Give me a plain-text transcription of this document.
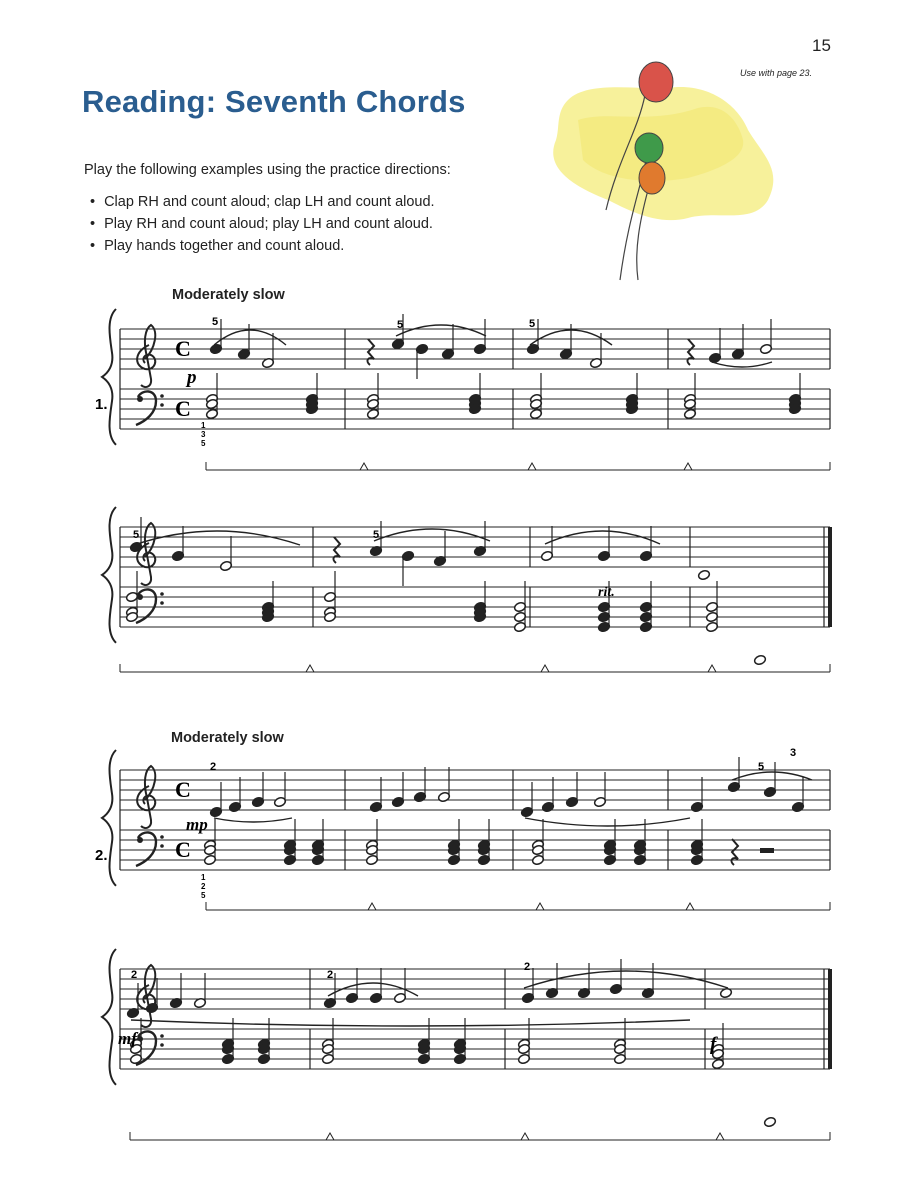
15
Use with page 23.
Reading: Seventh Chords
Play the following examples using the practice directions:
• Clap RH and count aloud; clap LH and count aloud.
• Play RH and count aloud; play LH and count aloud.
• Play hands together and count aloud.
Moderately slow
Moderately slow
C
C
C
C
1.
2.
p
rit.
mp
mf	f
5	5	5
5	5
2	5
3
2	2
2
1
3
5
1
2
5
